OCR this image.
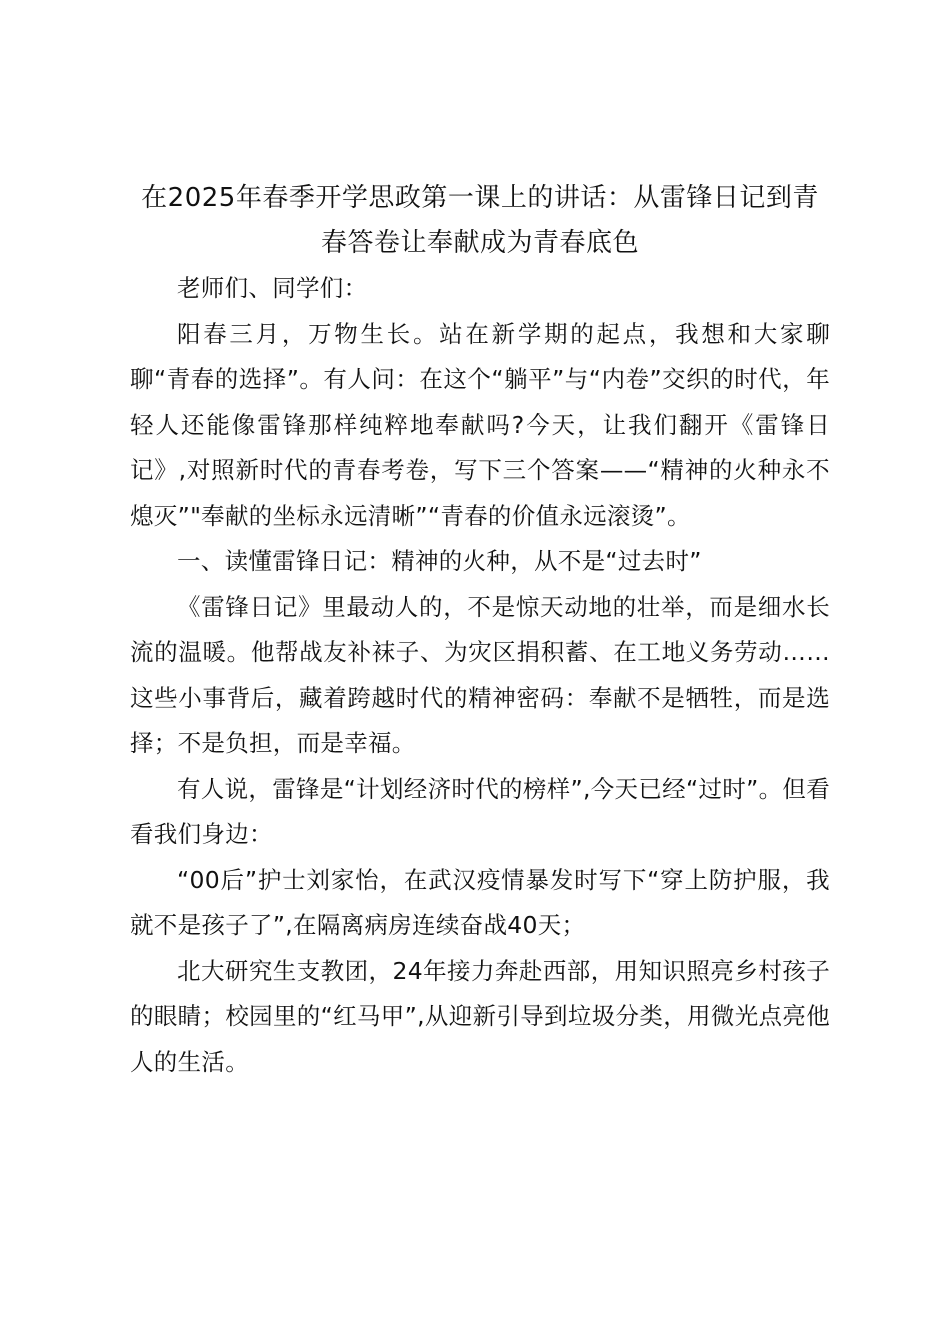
在2025年春季开学思政第一课上的讲话：从雷锋日记到青春答卷让奉献成为青春底色

老师们、同学们：

阳春三月，万物生长。站在新学期的起点，我想和大家聊聊“青春的选择”。有人问：在这个“躺平”与“内卷”交织的时代，年轻人还能像雷锋那样纯粹地奉献吗?今天，让我们翻开《雷锋日记》,对照新时代的青春考卷，写下三个答案——“精神的火种永不熄灭”"奉献的坐标永远清晰”“青春的价值永远滚烫”。

一、读懂雷锋日记：精神的火种，从不是“过去时”

《雷锋日记》里最动人的，不是惊天动地的壮举，而是细水长流的温暖。他帮战友补袜子、为灾区捐积蓄、在工地义务劳动……这些小事背后，藏着跨越时代的精神密码：奉献不是牺牲，而是选择；不是负担，而是幸福。

有人说，雷锋是“计划经济时代的榜样”,今天已经“过时”。但看看我们身边：

“00后”护士刘家怡，在武汉疫情暴发时写下“穿上防护服，我就不是孩子了”,在隔离病房连续奋战40天；

北大研究生支教团，24年接力奔赴西部，用知识照亮乡村孩子的眼睛；校园里的“红马甲”,从迎新引导到垃圾分类，用微光点亮他人的生活。
